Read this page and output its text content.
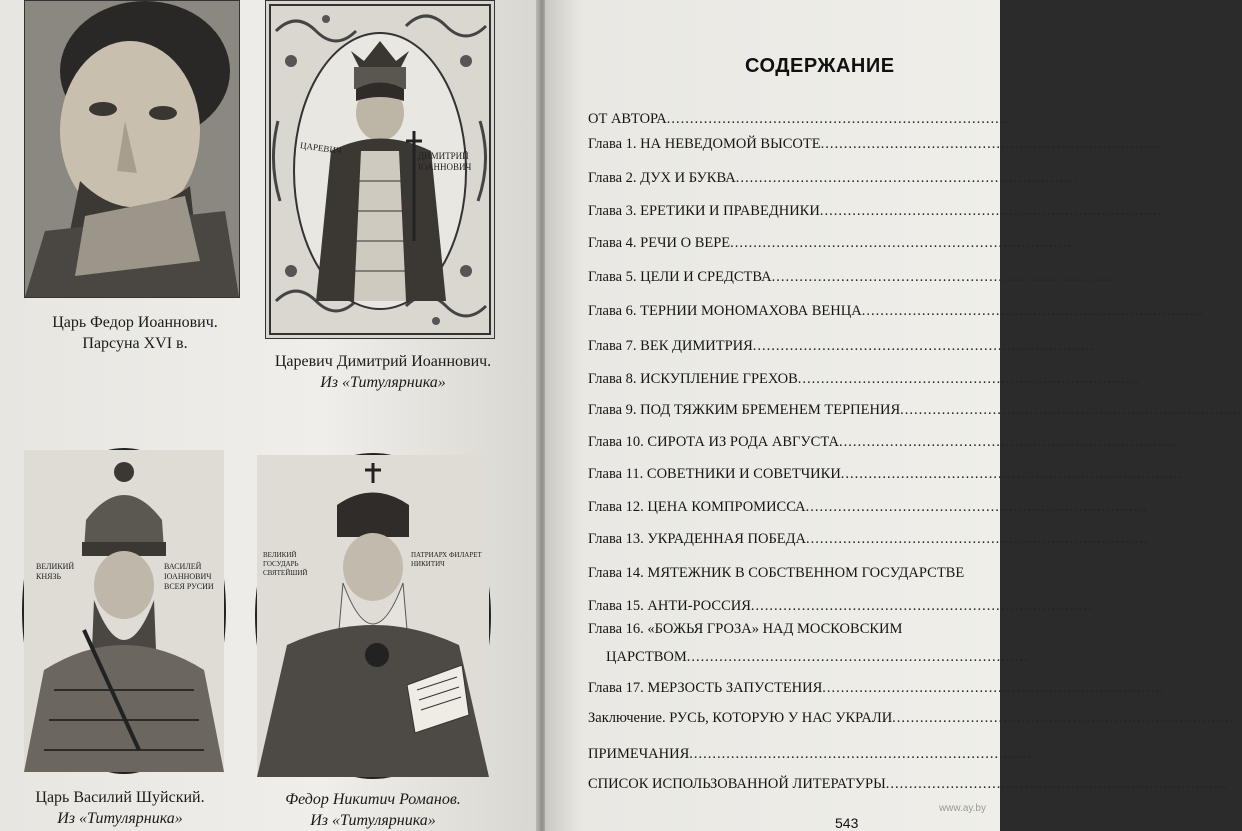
ЦАРЕВИЧ
ДИМИТРИЙ ІОАННОВИЧ
Царь Федор Иоаннович.
Парсуна XVI в.
Царевич Димитрий Иоаннович.
Из «Титулярника»
ВЕЛИКИЙ КНЯЗЬ
ВАСИЛЕЙ ІОАННОВИЧ ВСЕЯ РУСИИ
ВЕЛИКИЙ ГОСУДАРЬ СВЯТЕЙШИЙ
ПАТРИАРХ ФИЛАРЕТ НИКИТИЧ
Царь Василий Шуйский.
Из «Титулярника»
Федор Никитич Романов.
Из «Титулярника»
СОДЕРЖАНИЕ
ОТ АВТОРА..........................................................................
Глава 1. НА НЕВЕДОМОЙ ВЫСОТЕ..........................................................................
Глава 2. ДУХ И БУКВА..........................................................................
Глава 3. ЕРЕТИКИ И ПРАВЕДНИКИ..........................................................................
Глава 4. РЕЧИ О ВЕРЕ..........................................................................
Глава 5. ЦЕЛИ И СРЕДСТВА..........................................................................
Глава 6. ТЕРНИИ МОНОМАХОВА ВЕНЦА..........................................................................
Глава 7. ВЕК ДИМИТРИЯ..........................................................................
Глава 8. ИСКУПЛЕНИЕ ГРЕХОВ..........................................................................
Глава 9. ПОД ТЯЖКИМ БРЕМЕНЕМ ТЕРПЕНИЯ..........................................................................
Глава 10. СИРОТА ИЗ РОДА АВГУСТА..........................................................................
Глава 11. СОВЕТНИКИ И СОВЕТЧИКИ..........................................................................
Глава 12. ЦЕНА КОМПРОМИССА..........................................................................
Глава 13. УКРАДЕННАЯ ПОБЕДА..........................................................................
Глава 14. МЯТЕЖНИК В СОБСТВЕННОМ ГОСУДАРСТВЕ
Глава 15. АНТИ-РОССИЯ..........................................................................
Глава 16. «БОЖЬЯ ГРОЗА» НАД МОСКОВСКИМ
ЦАРСТВОМ..........................................................................
Глава 17. МЕРЗОСТЬ ЗАПУСТЕНИЯ..........................................................................
Заключение. РУСЬ, КОТОРУЮ У НАС УКРАЛИ..........................................................................
ПРИМЕЧАНИЯ..........................................................................
СПИСОК ИСПОЛЬЗОВАННОЙ ЛИТЕРАТУРЫ..........................................................................
543
www.ay.by
